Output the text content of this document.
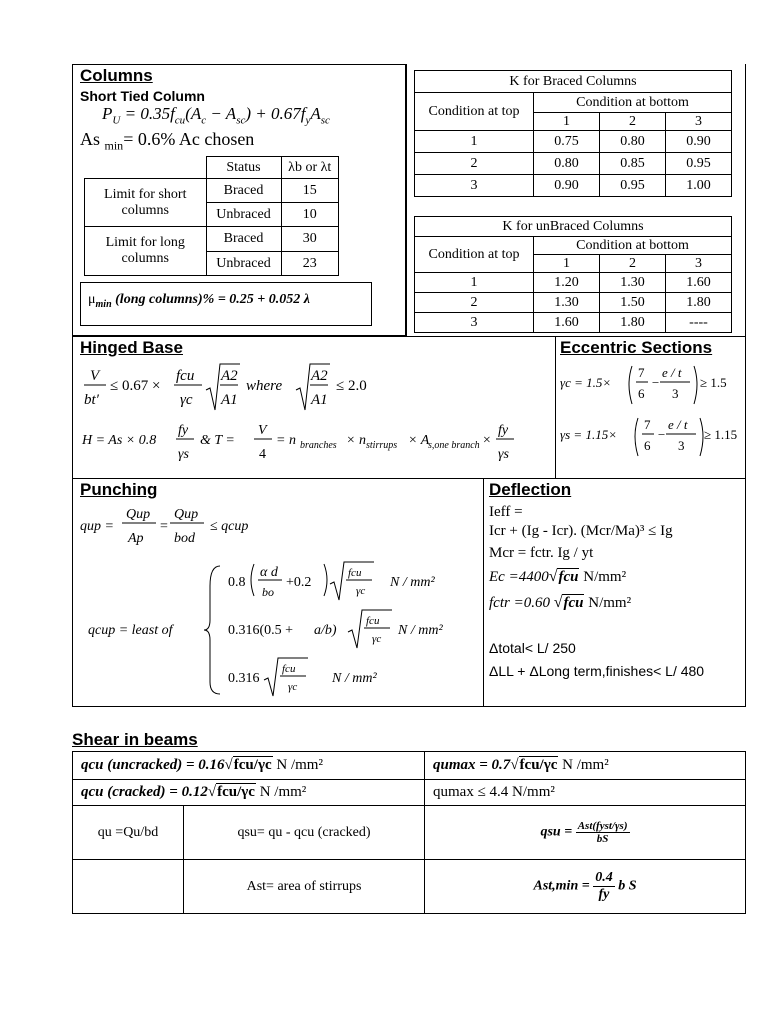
Columns
Short Tied Column
$P_U = 0.35f_{cu}(A_c - A_{sc}) + 0.67f_yA_{sc}$
As $_{min}$= 0.6% Ac chosen
	Status	λb or λt
Limit for short columns	Braced	15
	Unbraced	10
Limit for long columns	Braced	30
	Unbraced	23
$\mu_{min}$ (long columns)% = 0.25 + 0.052 λ
K for Braced Columns			
Condition at top	Condition at bottom		
	1	2	3
1	0.75	0.80	0.90
2	0.80	0.85	0.95
3	0.90	0.95	1.00
K for unBraced Columns			
Condition at top	Condition at bottom		
	1	2	3
1	1.20	1.30	1.60
2	1.30	1.50	1.80
3	1.60	1.80	----
Hinged Base
V
bt′
≤ 0.67 ×
fcu
γc
A2
A1
where
A2
A1
≤ 2.0
H = As × 0.8
fy
γs
& T =
V
4
= n branches × n stirrups × A
s,one branch ×
fy
γs
Eccentric Sections
γc = 1.5×
7
6
−
e / t
3
≥ 1.5
γs = 1.15×
7
6
−
e / t
3
≥ 1.15
Punching
qup =
Qup
Ap
=
Qup
bod
≤ qcup
qcup = least of
0.8
α d
bo
+0.2
fcu
γc
N / mm²
0.316(0.5 + a/b)
fcu
γc
N / mm²
0.316
fcu
γc
N / mm²
Deflection
Ieff =
Icr + (Ig - Icr). (Mcr/Ma)³ ≤ Ig
Mcr = fctr. Ig / yt
Ec =4400√fcu N/mm²
fctr =0.60 √fcu N/mm²
Δtotal< L/ 250
ΔLL + ΔLong term,finishes< L/ 480
Shear in beams
qcu (uncracked) = 0.16√fcu/γc N /mm²		qumax = 0.7√fcu/γc N /mm²
qcu (cracked) = 0.12√fcu/γc N /mm²		qumax ≤ 4.4 N/mm²
qu =Qu/bd	qsu= qu - qcu (cracked)	qsu = $\frac{\text{Ast(fyst/γs)}}{bS}$

	Ast= area of stirrups	$Ast,\min = \frac{0.4}{fy}$ b S
